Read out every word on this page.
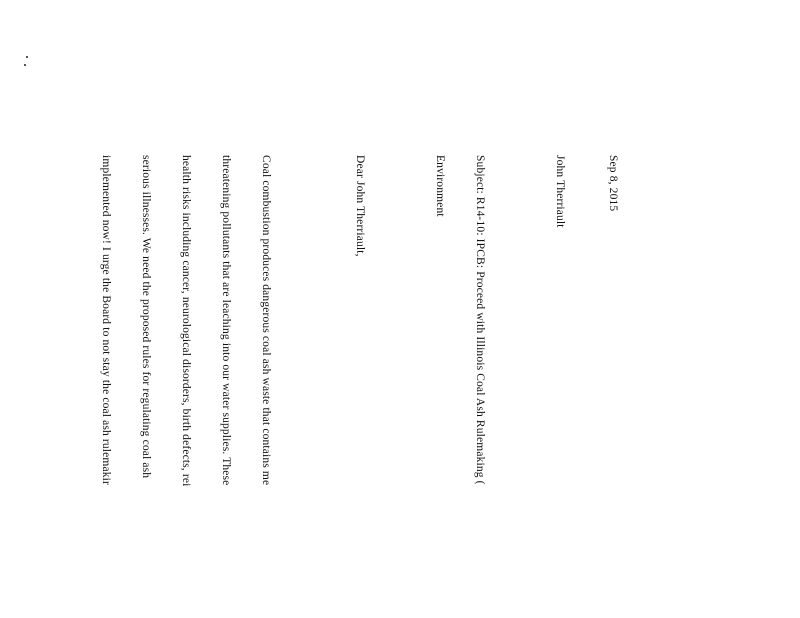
Sep 8, 2015

John Therriault

Subject: R14-10: IPCB: Proceed with Illinois Coal Ash Rulemaking (

Environment

Dear John Therriault,

Coal combustion produces dangerous coal ash waste that contains me

threatening pollutants that are leaching into our water supplies. These

health risks including cancer, neurological disorders, birth defects, rei

serious illnesses. We need the proposed rules for regulating coal ash

implemented now! I urge the Board to not stay the coal ash rulemakir
